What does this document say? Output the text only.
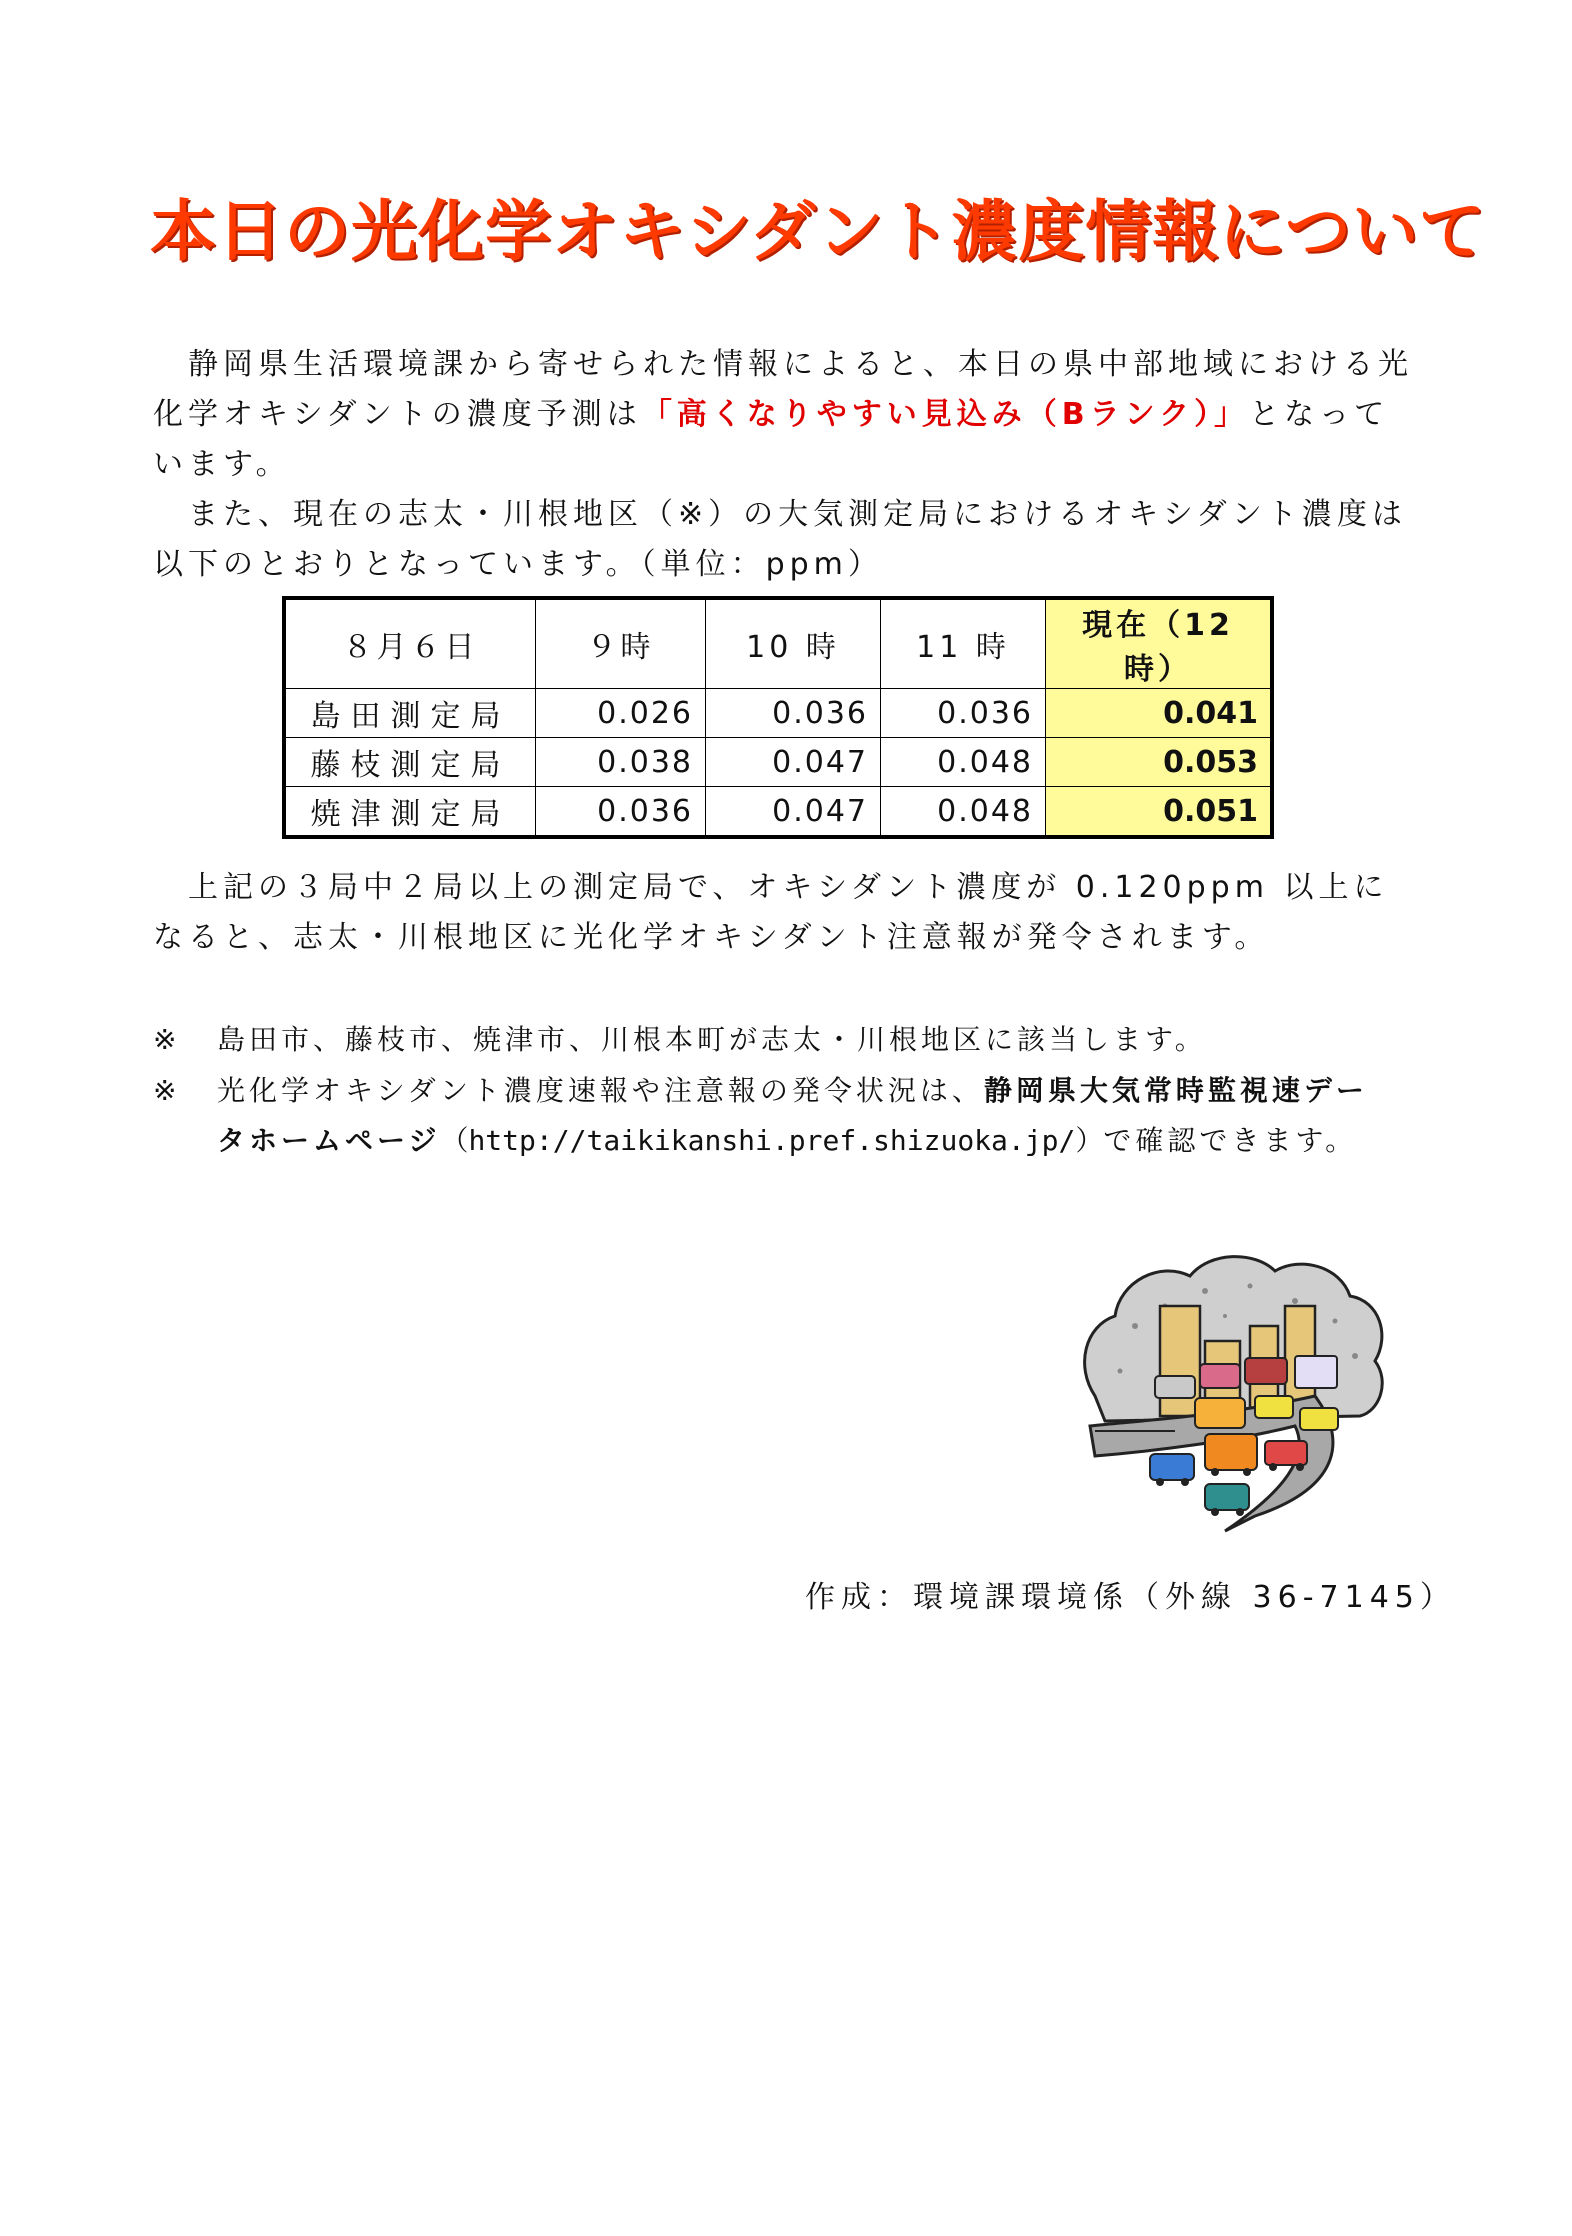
本日の光化学オキシダント濃度情報について
　静岡県生活環境課から寄せられた情報によると、本日の県中部地域における光化学オキシダントの濃度予測は「高くなりやすい見込み（Bランク）」となっています。
　また、現在の志太・川根地区（※）の大気測定局におけるオキシダント濃度は以下のとおりとなっています。（単位：ppm）
８月６日	９時	10 時	11 時	現在（12 時）
島田測定局	0.026	0.036	0.036	0.041
藤枝測定局	0.038	0.047	0.048	0.053
焼津測定局	0.036	0.047	0.048	0.051
　上記の３局中２局以上の測定局で、オキシダント濃度が 0.120ppm 以上になると、志太・川根地区に光化学オキシダント注意報が発令されます。
※ 島田市、藤枝市、焼津市、川根本町が志太・川根地区に該当します。
※ 光化学オキシダント濃度速報や注意報の発令状況は、静岡県大気常時監視速デー
タホームページ（http://taikikanshi.pref.shizuoka.jp/）で確認できます。
作成：環境課環境係（外線 36-7145）
